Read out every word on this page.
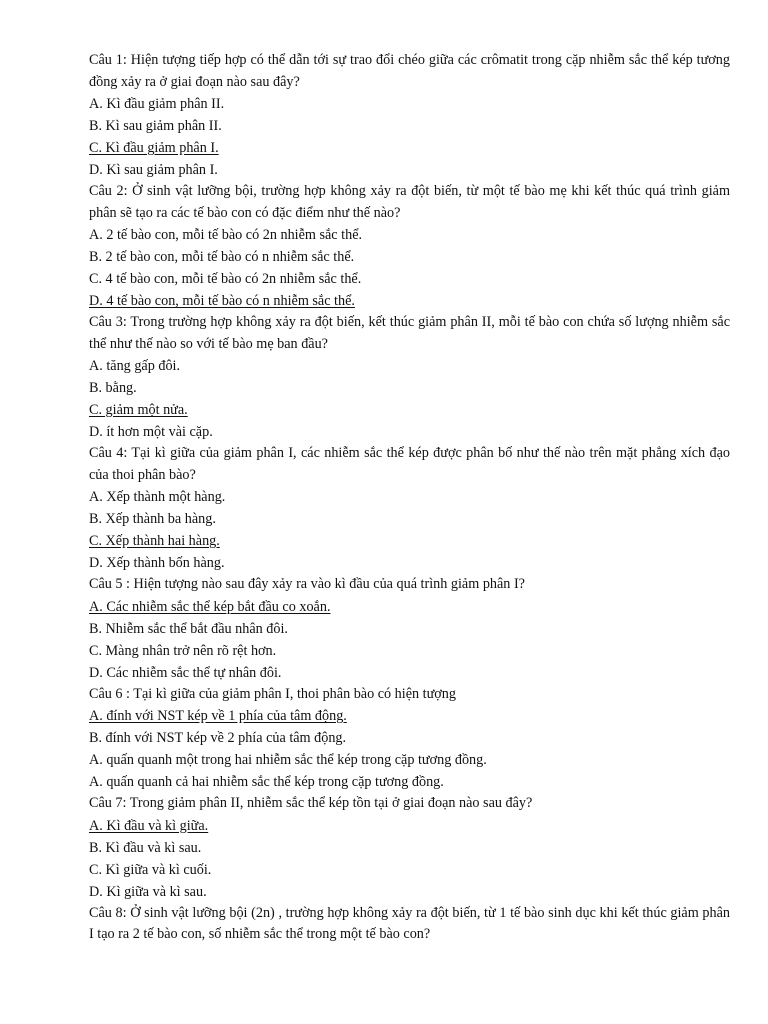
Câu 1: Hiện tượng tiếp hợp có thể dẫn tới sự trao đổi chéo giữa các crômatit trong cặp nhiễm sắc thể kép tương đồng xảy ra ở giai đoạn nào sau đây?

A. Kì đầu giảm phân II.

B. Kì sau giảm phân II.

C. Kì đầu giảm phân I.

D. Kì sau giảm phân I.

Câu 2: Ở sinh vật lưỡng bội, trường hợp không xảy ra đột biến, từ một tế bào mẹ khi kết thúc quá trình giảm phân sẽ tạo ra các tế bào con có đặc điểm như thế nào?

A. 2 tế bào con, mỗi tế bào có 2n nhiễm sắc thể.

B. 2 tế bào con, mỗi tế bào có n nhiễm sắc thể.

C. 4 tế bào con, mỗi tế bào có 2n nhiễm sắc thể.

D. 4 tế bào con, mỗi tế bào có n nhiễm sắc thể.

Câu 3: Trong trường hợp không xảy ra đột biến, kết thúc giảm phân II, mỗi tế bào con chứa số lượng nhiễm sắc thể như thế nào so với tế bào mẹ ban đầu?

A. tăng gấp đôi.

B. bằng.

C. giảm một nửa.

D. ít hơn một vài cặp.

Câu 4: Tại kì giữa của giảm phân I, các nhiễm sắc thể kép được phân bố như thế nào trên mặt phẳng xích đạo của thoi phân bào?

A. Xếp thành một hàng.

B. Xếp thành ba hàng.

C. Xếp thành hai hàng.

D. Xếp thành bốn hàng.

Câu 5 : Hiện tượng nào sau đây xảy ra vào kì đầu của quá trình giảm phân I?

A. Các nhiễm sắc thể kép bắt đầu co xoắn.

B. Nhiễm sắc thể bắt đầu nhân đôi.

C. Màng nhân trở nên rõ rệt hơn.

D. Các nhiễm sắc thể tự nhân đôi.

Câu 6 : Tại kì giữa của giảm phân I, thoi phân bào có hiện tượng

A. đính với NST kép về 1 phía của tâm động.

B. đính với NST kép về 2 phía của tâm động.

A. quấn quanh một trong hai nhiễm sắc thể kép trong cặp tương đồng.

A. quấn quanh cả hai nhiễm sắc thể kép trong cặp tương đồng.

Câu 7: Trong giảm phân II, nhiễm sắc thể kép tồn tại ở giai đoạn nào sau đây?

A. Kì đầu và kì giữa.

B. Kì đầu và kì sau.

C. Kì giữa và kì cuối.

D. Kì giữa và kì sau.

Câu 8: Ở sinh vật lưỡng bội (2n) , trường hợp không xảy ra đột biến, từ 1 tế bào sinh dục khi kết thúc giảm phân I tạo ra 2 tế bào con, số nhiễm sắc thể trong một tế bào con?
